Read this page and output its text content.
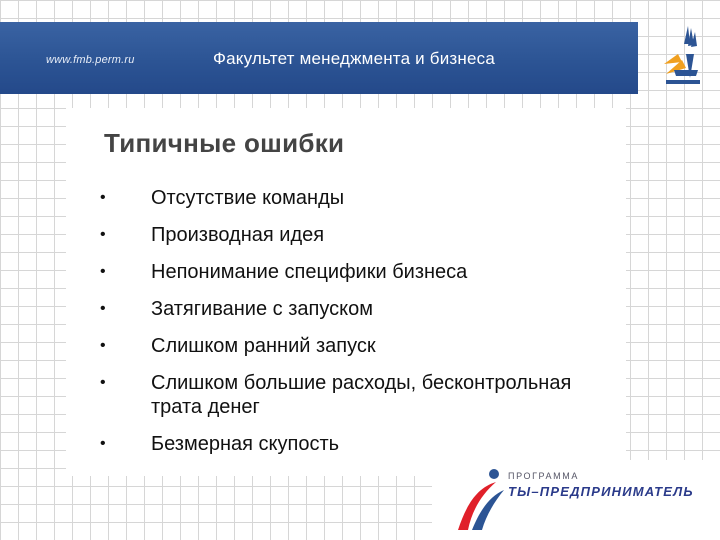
www.fmb.perm.ru	Факультет менеджмента и бизнеса
Типичные ошибки
• Отсутствие команды
• Производная идея
• Непонимание специфики бизнеса
• Затягивание с запуском
• Слишком ранний запуск
• Слишком большие расходы, бесконтрольная трата денег
• Безмерная скупость
ПРОГРАММА
ТЫ–ПРЕДПРИНИМАТЕЛЬ
